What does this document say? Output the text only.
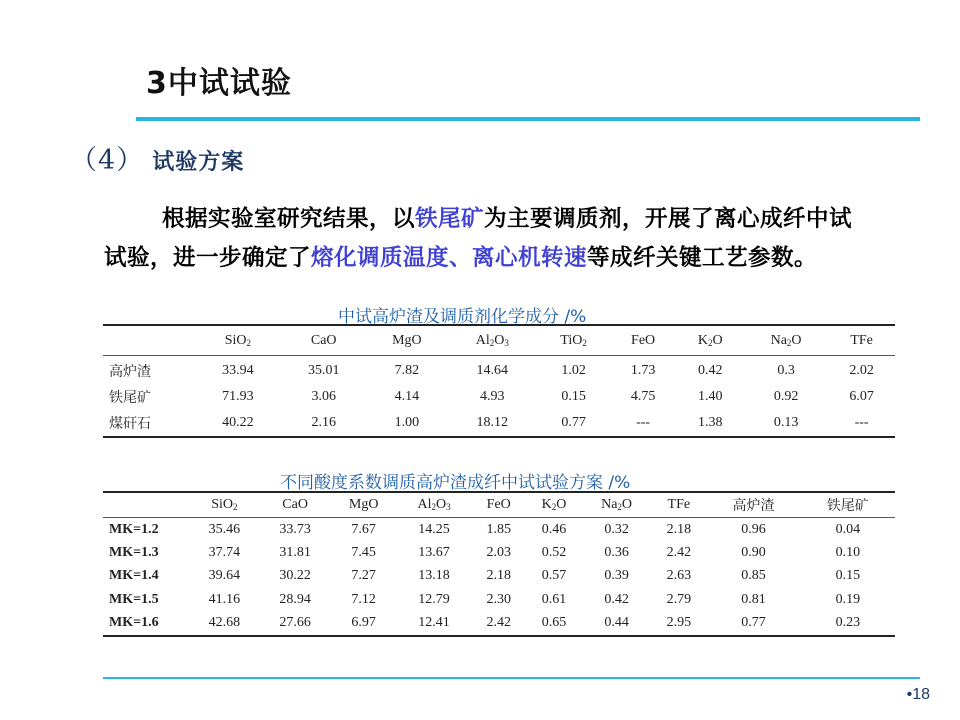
3中试试验
（4） 试验方案
根据实验室研究结果，以铁尾矿为主要调质剂，开展了离心成纤中试试验，进一步确定了熔化调质温度、离心机转速等成纤关键工艺参数。
中试高炉渣及调质剂化学成分 /%
	SiO$_2$	CaO	MgO	$Al_2O_3$	TiO$_2$	FeO	$K_2O$	$Na_2O$	TFe
高炉渣	33.94	35.01	7.82	14.64	1.02	1.73	0.42	0.3	2.02
铁尾矿	71.93	3.06	4.14	4.93	0.15	4.75	1.40	0.92	6.07
煤矸石	40.22	2.16	1.00	18.12	0.77	---	1.38	0.13	---
不同酸度系数调质高炉渣成纤中试试验方案 /%
	SiO$_2$	CaO	MgO	$Al_2O_3$	FeO	$K_2O$	$Na_2O$	TFe	高炉渣	铁尾矿
MK=1.2	35.46	33.73	7.67	14.25	1.85	0.46	0.32	2.18	0.96	0.04
MK=1.3	37.74	31.81	7.45	13.67	2.03	0.52	0.36	2.42	0.90	0.10
MK=1.4	39.64	30.22	7.27	13.18	2.18	0.57	0.39	2.63	0.85	0.15
MK=1.5	41.16	28.94	7.12	12.79	2.30	0.61	0.42	2.79	0.81	0.19
MK=1.6	42.68	27.66	6.97	12.41	2.42	0.65	0.44	2.95	0.77	0.23
•18
